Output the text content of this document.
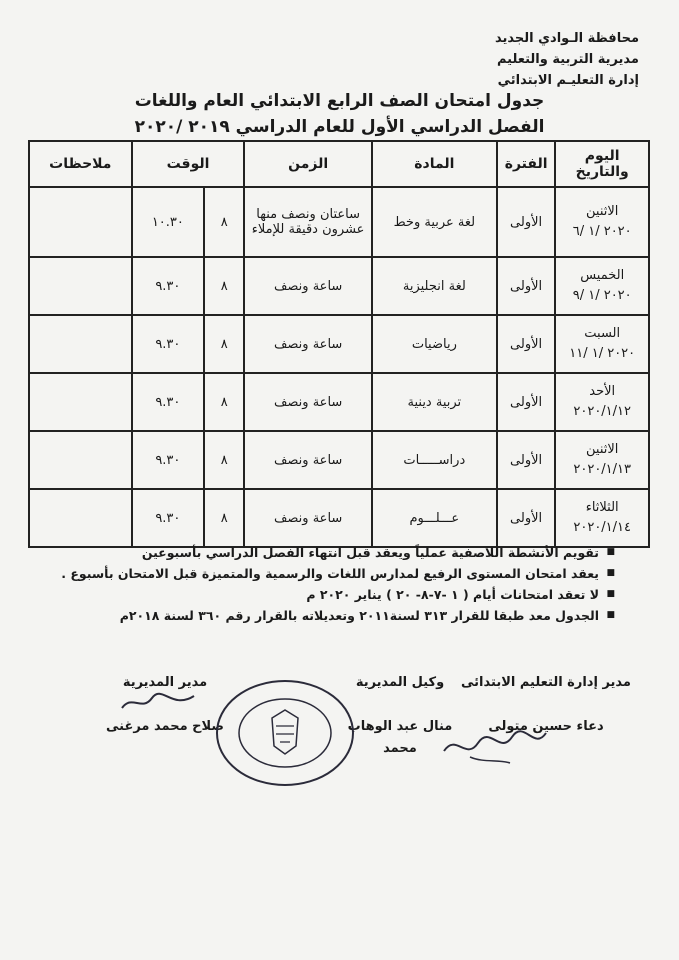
محافظة الـوادي الجديد
مديرية التربية والتعليم
إدارة التعليـم الابتدائي
جدول امتحان الصف الرابع الابتدائي العام واللغات
الفصل الدراسي الأول للعام الدراسي ٢٠١٩ /٢٠٢٠
اليوم والتاريخ	الفترة	المادة	الزمن	الوقت		ملاحظات

الاثنين
٢٠٢٠ /١ /٦	الأولى	لغة عربية وخط	ساعتان ونصف منها عشرون دقيقة للإملاء	٨	١٠.٣٠	

الخميس
٢٠٢٠ /١ /٩	الأولى	لغة انجليزية	ساعة ونصف	٨	٩.٣٠	

السبت
٢٠٢٠ /١ /١١	الأولى	رياضيات	ساعة ونصف	٨	٩.٣٠	

الأحد
٢٠٢٠/١/١٢	الأولى	تربية دينية	ساعة ونصف	٨	٩.٣٠	

الاثنين
٢٠٢٠/١/١٣	الأولى	دراســـــات	ساعة ونصف	٨	٩.٣٠	

الثلاثاء
٢٠٢٠/١/١٤	الأولى	عـــلـــوم	ساعة ونصف	٨	٩.٣٠	
■ تقويم الأنشطة اللاصفية عملياً ويعقد قبل انتهاء الفصل الدراسي بأسبوعين
■ يعقد امتحان المستوى الرفيع لمدارس اللغات والرسمية والمتميزة قبل الامتحان بأسبوع .
■ لا تعقد امتحانات أيام ( ١ -٧-٨- ٢٠ ) يناير ٢٠٢٠ م
■ الجدول معد طبقا للقرار ٣١٣ لسنة٢٠١١ وتعديلاته بالقرار رقم ٣٦٠ لسنة ٢٠١٨م
مدير إدارة التعليم الابتدائى
دعاء حسين متولى
وكيل المديرية
منال عبد الوهاب محمد
مدير المديرية
صلاح محمد مرغنى
